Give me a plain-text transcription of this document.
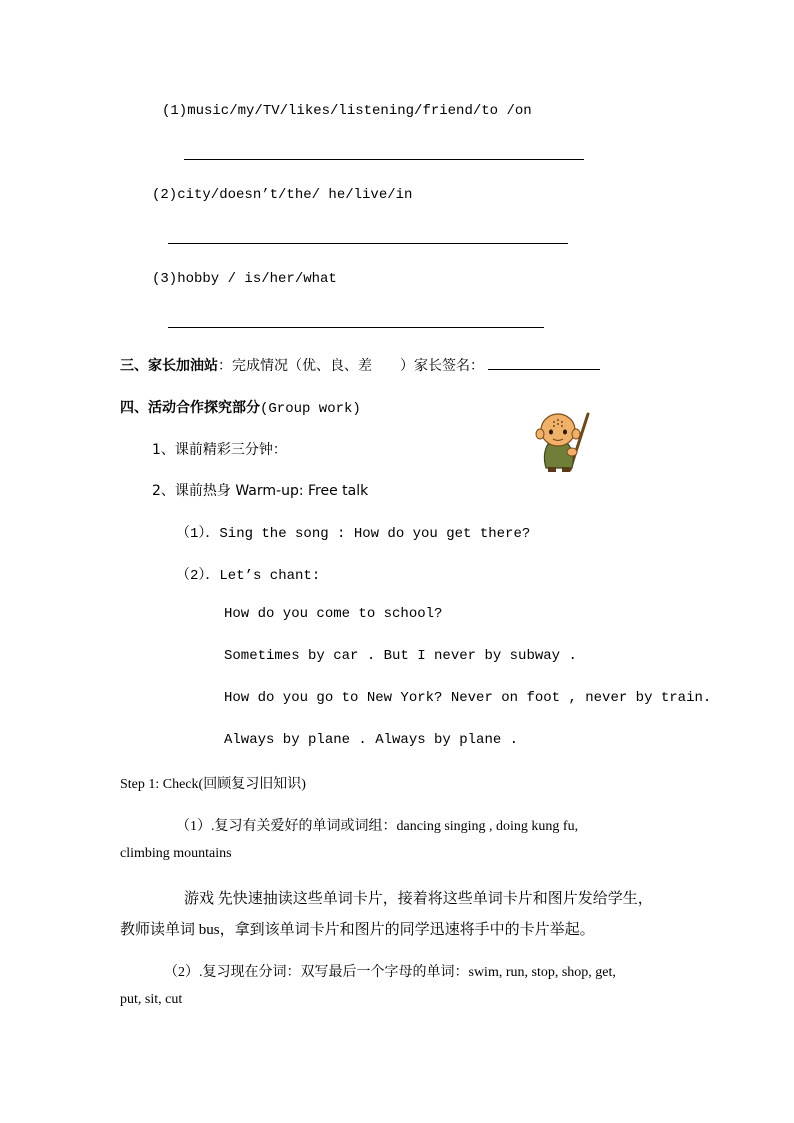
(1)music/my/TV/likes/listening/friend/to /on
(2)city/doesn’t/the/ he/live/in
(3)hobby / is/her/what
三、家长加油站：完成情况（优、良、差　　）家长签名：
四、活动合作探究部分(Group work)
1、课前精彩三分钟：
2、课前热身 Warm-up: Free talk
（1）．Sing the song : How do you get there?
（2）．Let’s chant:
How do you come to school?
Sometimes by car . But I never by subway .
How do you go to New York? Never on foot , never by train.
Always by plane . Always by plane .
Step 1: Check(回顾复习旧知识)
（1）.复习有关爱好的单词或词组：dancing singing , doing kung fu,
climbing mountains
游戏 先快速抽读这些单词卡片，接着将这些单词卡片和图片发给学生，
教师读单词 bus，拿到该单词卡片和图片的同学迅速将手中的卡片举起。
（2）.复习现在分词：双写最后一个字母的单词：swim, run, stop, shop, get,
put, sit, cut
